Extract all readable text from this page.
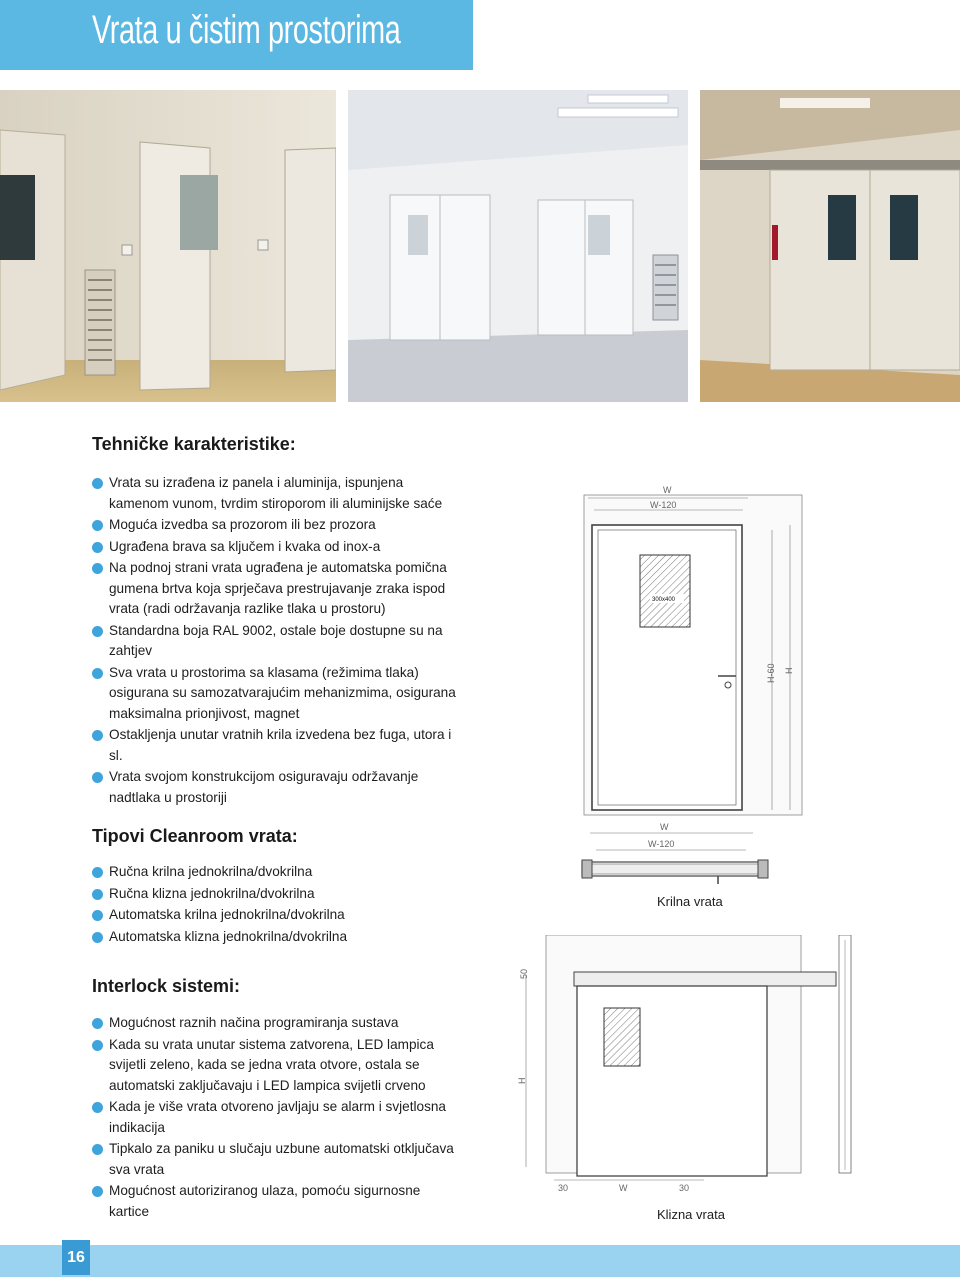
Vrata u čistim prostorima
Tehničke karakteristike:
Vrata su izrađena iz panela i aluminija, ispunjena kamenom vunom, tvrdim stiroporom ili aluminijske saće
Moguća izvedba sa prozorom ili bez prozora
Ugrađena brava sa ključem i kvaka od inox-a
Na podnoj strani vrata ugrađena je automatska pomična gumena brtva koja sprječava prestrujavanje zraka ispod vrata (radi održavanja razlike tlaka u prostoru)
Standardna boja RAL 9002, ostale boje dostupne su na zahtjev
Sva vrata u prostorima sa klasama (režimima tlaka) osigurana su samozatvarajućim mehanizmima, osigurana maksimalna prionjivost, magnet
Ostakljenja unutar vratnih krila izvedena bez fuga, utora i sl.
Vrata svojom konstrukcijom osiguravaju održavanje nadtlaka u prostoriji
Tipovi Cleanroom vrata:
Ručna krilna jednokrilna/dvokrilna
Ručna klizna jednokrilna/dvokrilna
Automatska krilna jednokrilna/dvokrilna
Automatska klizna jednokrilna/dvokrilna
Interlock sistemi:
Mogućnost raznih načina programiranja sustava
Kada su vrata unutar sistema zatvorena, LED lampica svijetli zeleno, kada se jedna vrata otvore, ostala se automatski zaključavaju i LED lampica svijetli crveno
Kada je više vrata otvoreno javljaju se alarm i svjetlosna indikacija
Tipkalo za paniku u slučaju uzbune automatski otključava sva vrata
Mogućnost autoriziranog ulaza, pomoću sigurnosne kartice
W
W-120
300x400
H-60 H
W
W-120
Krilna vrata
50
H
30	W	30
Klizna vrata
16
